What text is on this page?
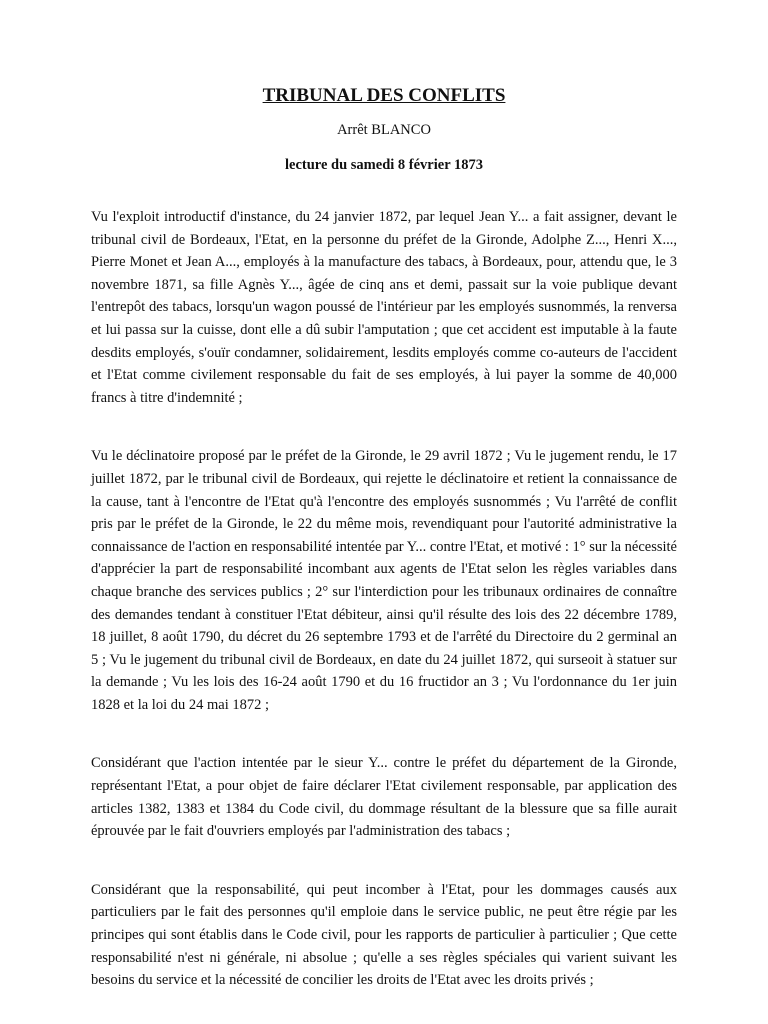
TRIBUNAL DES CONFLITS

Arrêt BLANCO

lecture du samedi 8 février 1873

Vu l'exploit introductif d'instance, du 24 janvier 1872, par lequel Jean Y... a fait assigner, devant le tribunal civil de Bordeaux, l'Etat, en la personne du préfet de la Gironde, Adolphe Z..., Henri X..., Pierre Monet et Jean A..., employés à la manufacture des tabacs, à Bordeaux, pour, attendu que, le 3 novembre 1871, sa fille Agnès Y..., âgée de cinq ans et demi, passait sur la voie publique devant l'entrepôt des tabacs, lorsqu'un wagon poussé de l'intérieur par les employés susnommés, la renversa et lui passa sur la cuisse, dont elle a dû subir l'amputation ; que cet accident est imputable à la faute desdits employés, s'ouïr condamner, solidairement, lesdits employés comme co-auteurs de l'accident et l'Etat comme civilement responsable du fait de ses employés, à lui payer la somme de 40,000 francs à titre d'indemnité ;

Vu le déclinatoire proposé par le préfet de la Gironde, le 29 avril 1872 ; Vu le jugement rendu, le 17 juillet 1872, par le tribunal civil de Bordeaux, qui rejette le déclinatoire et retient la connaissance de la cause, tant à l'encontre de l'Etat qu'à l'encontre des employés susnommés ; Vu l'arrêté de conflit pris par le préfet de la Gironde, le 22 du même mois, revendiquant pour l'autorité administrative la connaissance de l'action en responsabilité intentée par Y... contre l'Etat, et motivé : 1° sur la nécessité d'apprécier la part de responsabilité incombant aux agents de l'Etat selon les règles variables dans chaque branche des services publics ; 2° sur l'interdiction pour les tribunaux ordinaires de connaître des demandes tendant à constituer l'Etat débiteur, ainsi qu'il résulte des lois des 22 décembre 1789, 18 juillet, 8 août 1790, du décret du 26 septembre 1793 et de l'arrêté du Directoire du 2 germinal an 5 ; Vu le jugement du tribunal civil de Bordeaux, en date du 24 juillet 1872, qui surseoit à statuer sur la demande ; Vu les lois des 16-24 août 1790 et du 16 fructidor an 3 ; Vu l'ordonnance du 1er juin 1828 et la loi du 24 mai 1872 ;

Considérant que l'action intentée par le sieur Y... contre le préfet du département de la Gironde, représentant l'Etat, a pour objet de faire déclarer l'Etat civilement responsable, par application des articles 1382, 1383 et 1384 du Code civil, du dommage résultant de la blessure que sa fille aurait éprouvée par le fait d'ouvriers employés par l'administration des tabacs ;

Considérant que la responsabilité, qui peut incomber à l'Etat, pour les dommages causés aux particuliers par le fait des personnes qu'il emploie dans le service public, ne peut être régie par les principes qui sont établis dans le Code civil, pour les rapports de particulier à particulier ; Que cette responsabilité n'est ni générale, ni absolue ; qu'elle a ses règles spéciales qui varient suivant les besoins du service et la nécessité de concilier les droits de l'Etat avec les droits privés ;
